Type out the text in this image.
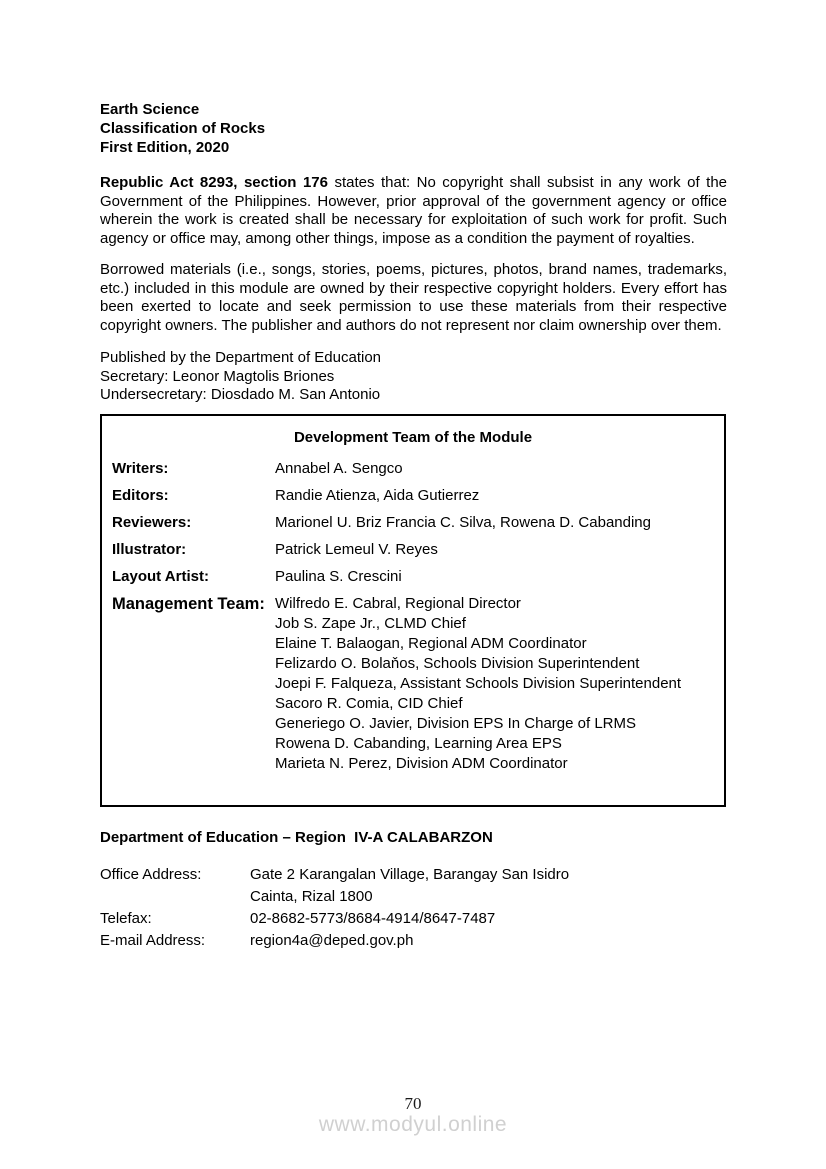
Earth Science
Classification of Rocks
First Edition, 2020

Republic Act 8293, section 176 states that: No copyright shall subsist in any work of the Government of the Philippines. However, prior approval of the government agency or office wherein the work is created shall be necessary for exploitation of such work for profit. Such agency or office may, among other things, impose as a condition the payment of royalties.

Borrowed materials (i.e., songs, stories, poems, pictures, photos, brand names, trademarks, etc.) included in this module are owned by their respective copyright holders. Every effort has been exerted to locate and seek permission to use these materials from their respective copyright owners. The publisher and authors do not represent nor claim ownership over them.

Published by the Department of Education
Secretary: Leonor Magtolis Briones
Undersecretary: Diosdado M. San Antonio
Development Team of the Module
Writers:	Annabel A. Sengco
Editors:	Randie Atienza, Aida Gutierrez
Reviewers:	Marionel U. Briz Francia C. Silva, Rowena D. Cabanding
Illustrator:	Patrick Lemeul V. Reyes
Layout Artist:	Paulina S. Crescini
Management Team: Wilfredo E. Cabral, Regional Director
Job S. Zape Jr., CLMD Chief
Elaine T. Balaogan, Regional ADM Coordinator
Felizardo O. Bolaňos, Schools Division Superintendent
Joepi F. Falqueza, Assistant Schools Division Superintendent
Sacoro R. Comia, CID Chief
Generiego O. Javier, Division EPS In Charge of LRMS
Rowena D. Cabanding, Learning Area EPS
Marieta N. Perez, Division ADM Coordinator
Department of Education – Region  IV-A CALABARZON
Office Address:	Gate 2 Karangalan Village, Barangay San Isidro
Cainta, Rizal 1800
Telefax:	02-8682-5773/8684-4914/8647-7487
E-mail Address:	region4a@deped.gov.ph
70
www.modyul.online
